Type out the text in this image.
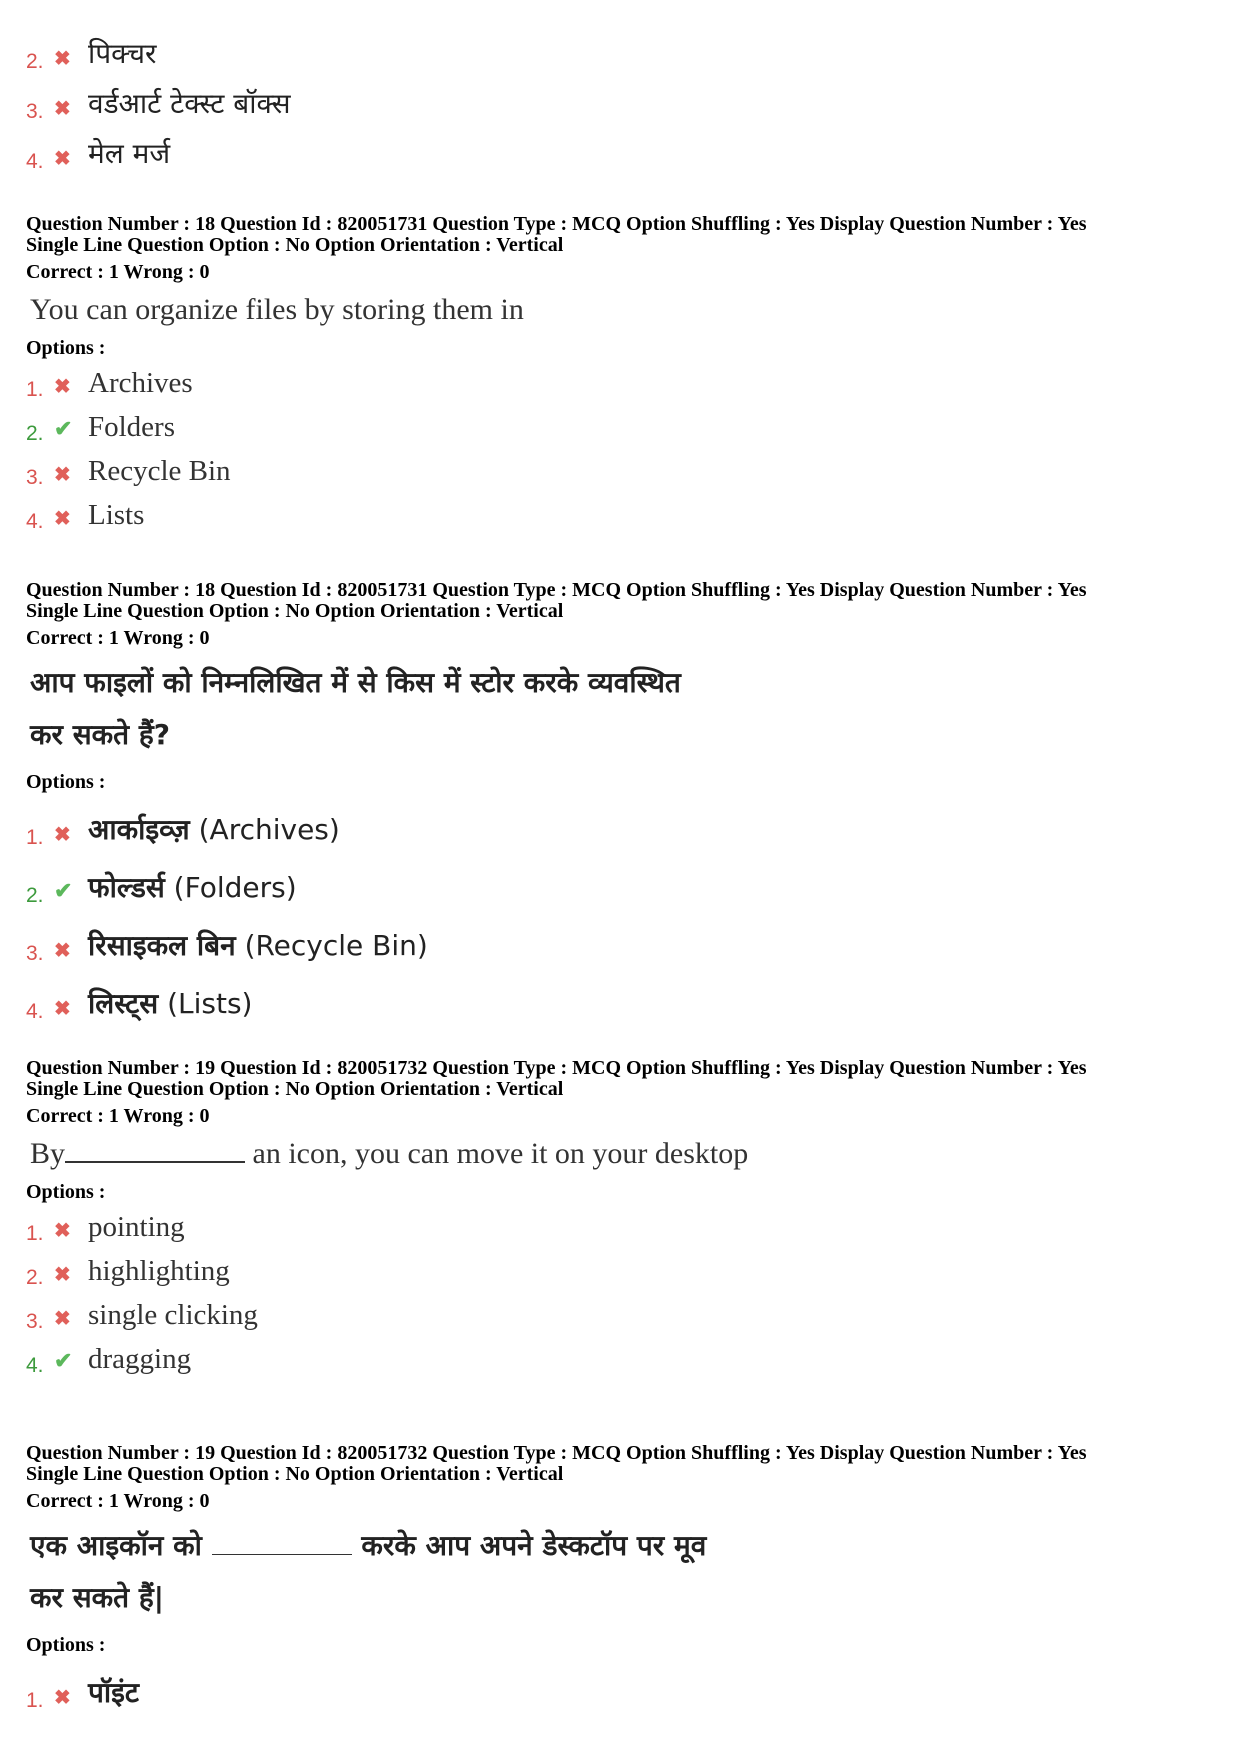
2. ✖ पिक्चर
3. ✖ वर्डआर्ट टेक्स्ट बॉक्स
4. ✖ मेल मर्ज
Question Number : 18 Question Id : 820051731 Question Type : MCQ Option Shuffling : Yes Display Question Number : Yes
Single Line Question Option : No Option Orientation : Vertical
Correct : 1 Wrong : 0
You can organize files by storing them in
Options :
1. ✖ Archives
2. ✔ Folders
3. ✖ Recycle Bin
4. ✖ Lists
Question Number : 18 Question Id : 820051731 Question Type : MCQ Option Shuffling : Yes Display Question Number : Yes
Single Line Question Option : No Option Orientation : Vertical
Correct : 1 Wrong : 0
आप फाइलों को निम्नलिखित में से किस में स्टोर करके व्यवस्थित
कर सकते हैं?
Options :
1. ✖ आर्काइव्ज़ (Archives)
2. ✔ फोल्डर्स (Folders)
3. ✖ रिसाइकल बिन (Recycle Bin)
4. ✖ लिस्ट्स (Lists)
Question Number : 19 Question Id : 820051732 Question Type : MCQ Option Shuffling : Yes Display Question Number : Yes
Single Line Question Option : No Option Orientation : Vertical
Correct : 1 Wrong : 0
By	an icon, you can move it on your desktop
Options :
1. ✖ pointing
2. ✖ highlighting
3. ✖ single clicking
4. ✔ dragging
Question Number : 19 Question Id : 820051732 Question Type : MCQ Option Shuffling : Yes Display Question Number : Yes
Single Line Question Option : No Option Orientation : Vertical
Correct : 1 Wrong : 0
एक आइकॉन को	करके आप अपने डेस्कटॉप पर मूव
कर सकते हैं|
Options :
1. ✖ पॉइंट
